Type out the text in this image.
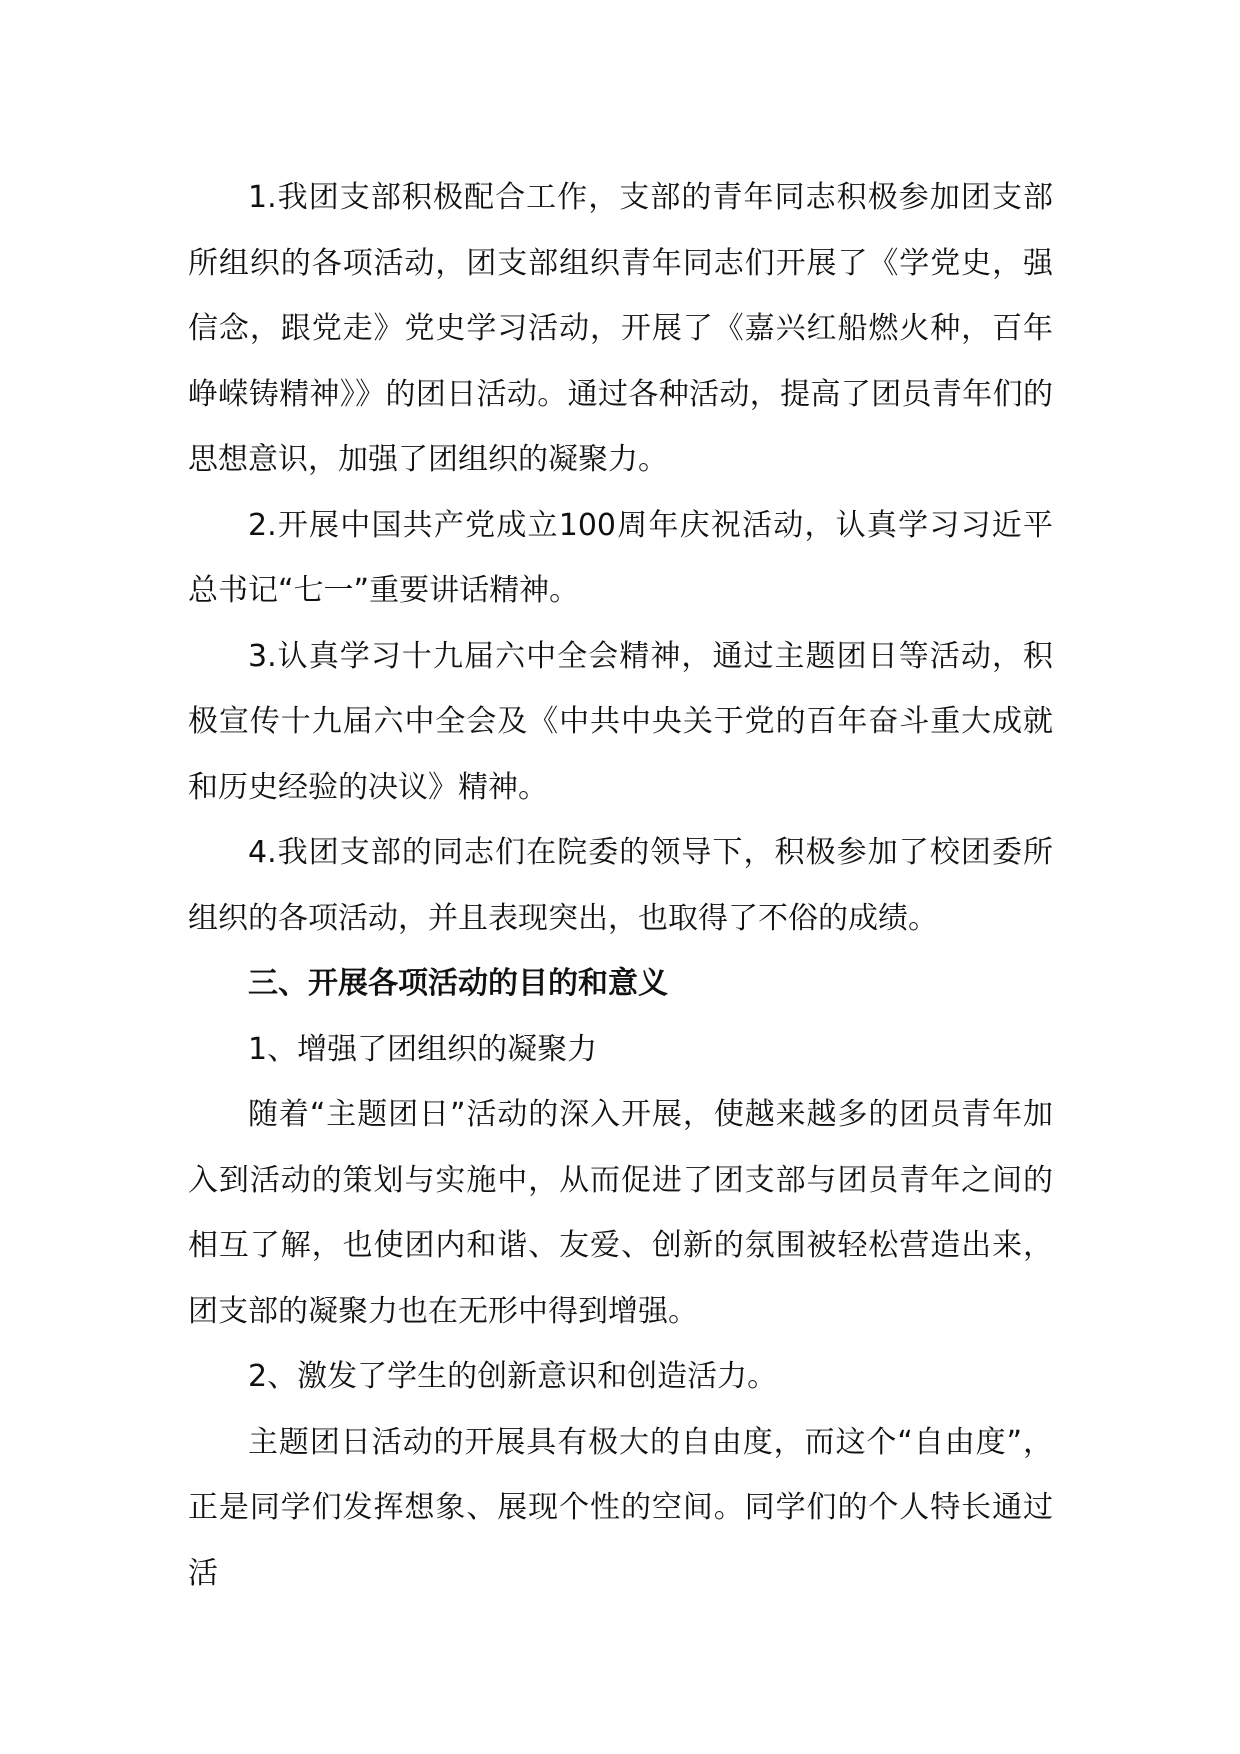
1.我团支部积极配合工作，支部的青年同志积极参加团支部所组织的各项活动，团支部组织青年同志们开展了《学党史，强信念，跟党走》党史学习活动，开展了《嘉兴红船燃火种，百年峥嵘铸精神》》的团日活动。通过各种活动，提高了团员青年们的思想意识，加强了团组织的凝聚力。

2.开展中国共产党成立100周年庆祝活动，认真学习习近平总书记“七一”重要讲话精神。

3.认真学习十九届六中全会精神，通过主题团日等活动，积极宣传十九届六中全会及《中共中央关于党的百年奋斗重大成就和历史经验的决议》精神。

4.我团支部的同志们在院委的领导下，积极参加了校团委所组织的各项活动，并且表现突出，也取得了不俗的成绩。

三、开展各项活动的目的和意义

1、增强了团组织的凝聚力

随着“主题团日”活动的深入开展，使越来越多的团员青年加入到活动的策划与实施中，从而促进了团支部与团员青年之间的相互了解，也使团内和谐、友爱、创新的氛围被轻松营造出来，团支部的凝聚力也在无形中得到增强。

2、激发了学生的创新意识和创造活力。

主题团日活动的开展具有极大的自由度，而这个“自由度”，正是同学们发挥想象、展现个性的空间。同学们的个人特长通过活
